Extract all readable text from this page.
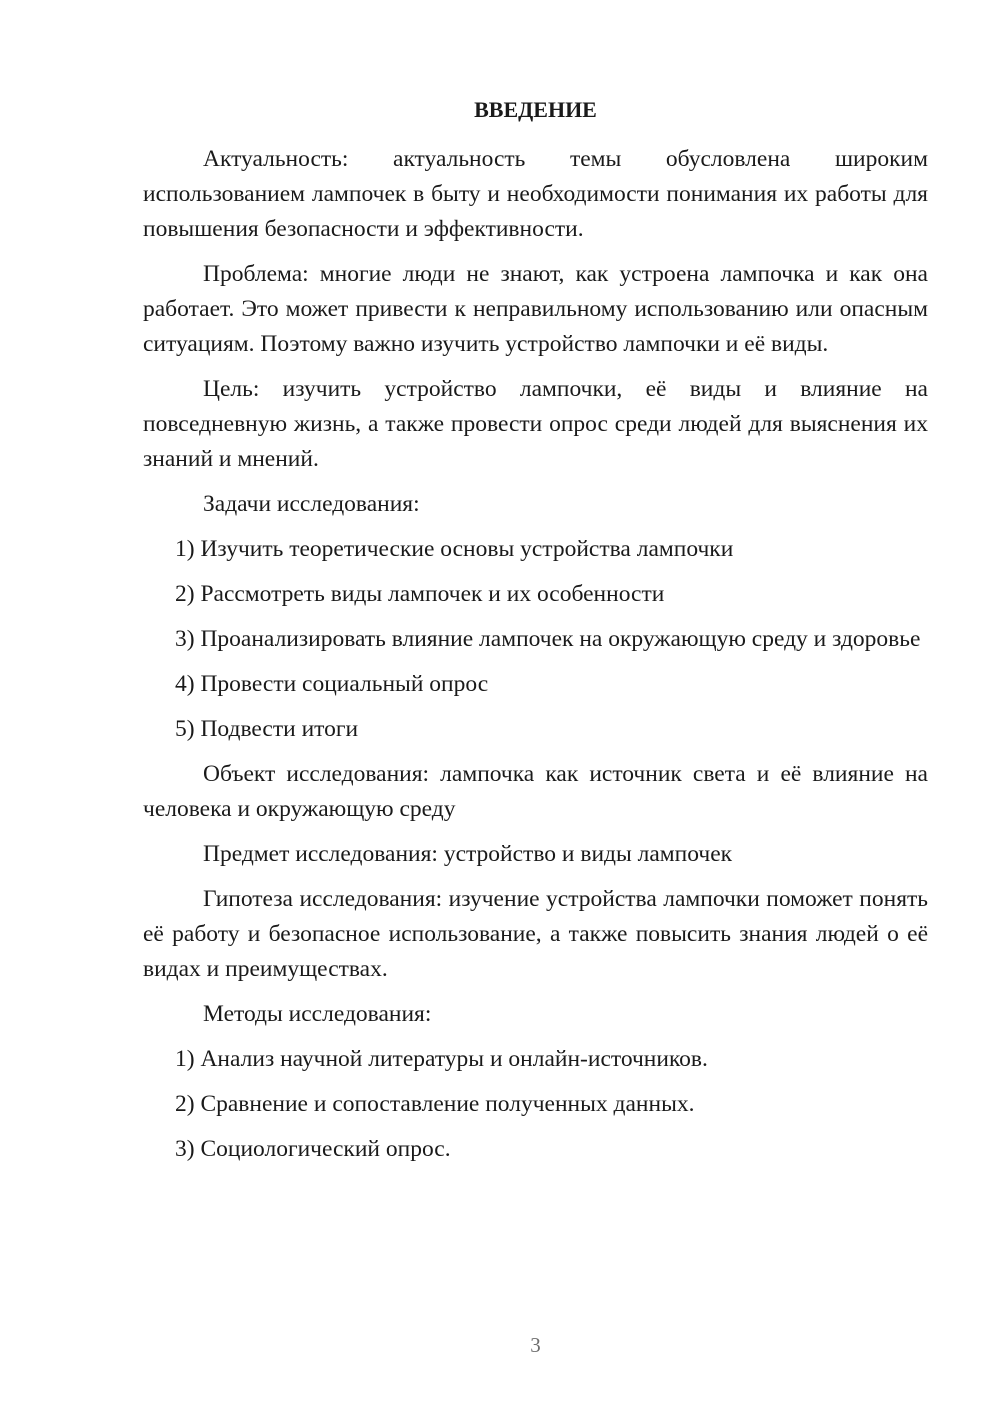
ВВЕДЕНИЕ

Актуальность: актуальность темы обусловлена широким использованием лампочек в быту и необходимости понимания их работы для повышения безопасности и эффективности.

Проблема: многие люди не знают, как устроена лампочка и как она работает. Это может привести к неправильному использованию или опасным ситуациям. Поэтому важно изучить устройство лампочки и её виды.

Цель: изучить устройство лампочки, её виды и влияние на повседневную жизнь, а также провести опрос среди людей для выяснения их знаний и мнений.

Задачи исследования:

1) Изучить теоретические основы устройства лампочки

2) Рассмотреть виды лампочек и их особенности

3) Проанализировать влияние лампочек на окружающую среду и здоровье

4) Провести социальный опрос

5) Подвести итоги

Объект исследования: лампочка как источник света и её влияние на человека и окружающую среду

Предмет исследования: устройство и виды лампочек

Гипотеза исследования: изучение устройства лампочки поможет понять её работу и безопасное использование, а также повысить знания людей о её видах и преимуществах.

Методы исследования:

1) Анализ научной литературы и онлайн-источников.

2) Сравнение и сопоставление полученных данных.

3) Социологический опрос.

3
